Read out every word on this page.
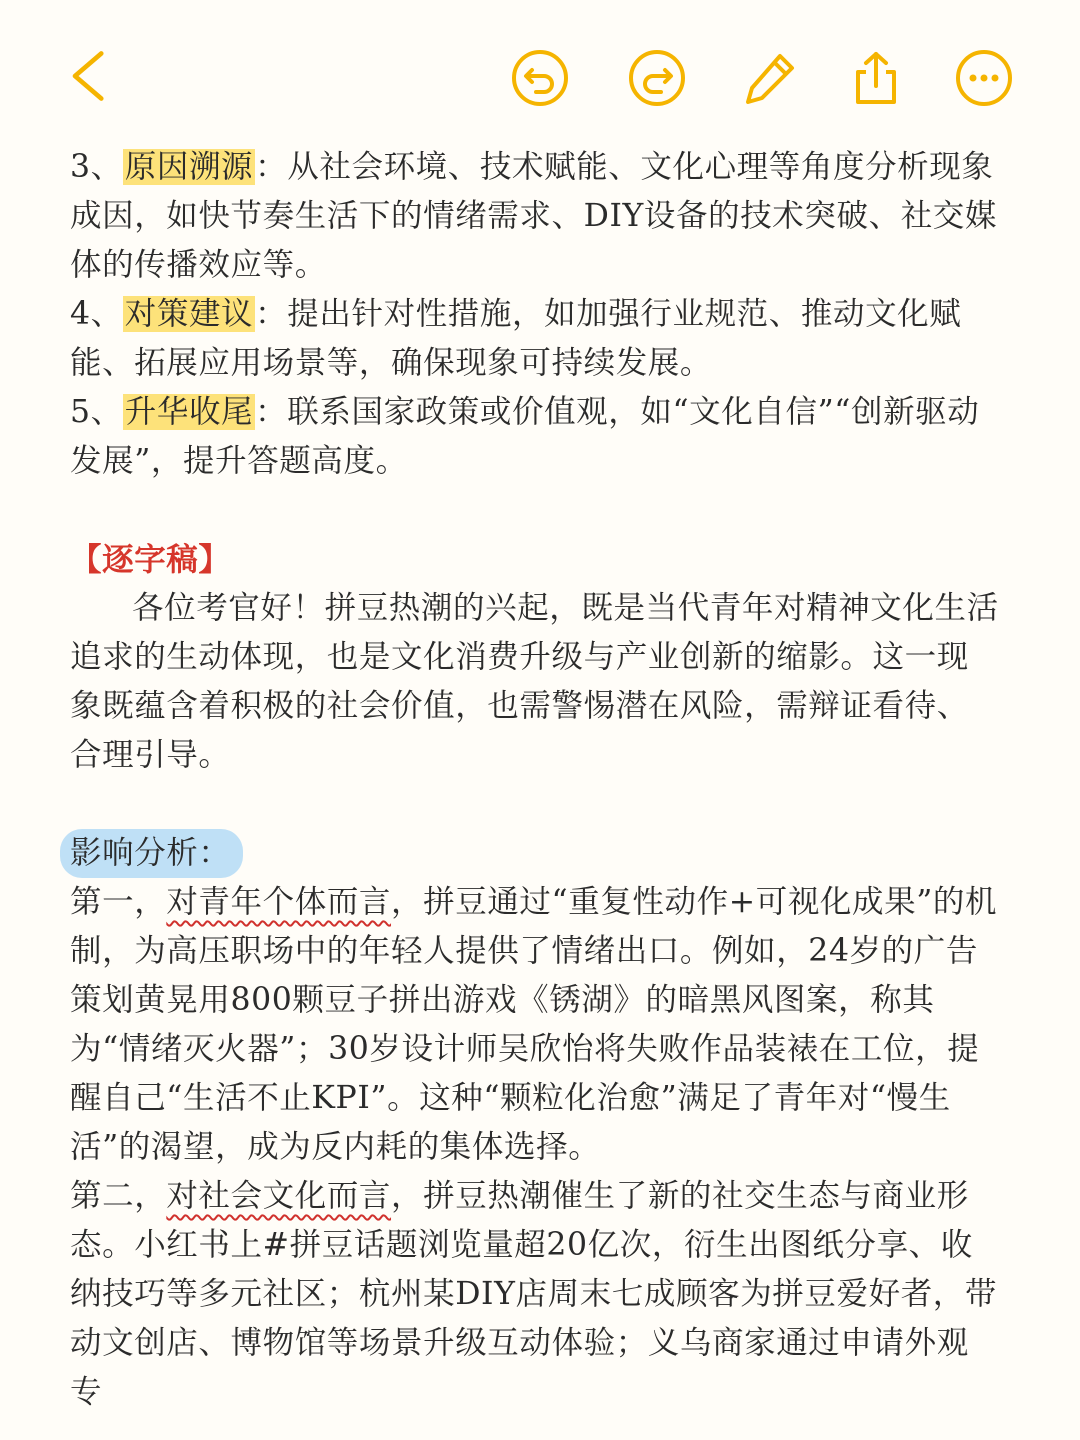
3、原因溯源：从社会环境、技术赋能、文化心理等角度分析现象成因，如快节奏生活下的情绪需求、DIY设备的技术突破、社交媒体的传播效应等。

4、对策建议：提出针对性措施，如加强行业规范、推动文化赋能、拓展应用场景等，确保现象可持续发展。

5、升华收尾：联系国家政策或价值观，如“文化自信”“创新驱动发展”，提升答题高度。

【逐字稿】

各位考官好！拼豆热潮的兴起，既是当代青年对精神文化生活追求的生动体现，也是文化消费升级与产业创新的缩影。这一现象既蕴含着积极的社会价值，也需警惕潜在风险，需辩证看待、合理引导。

影响分析：

第一，对青年个体而言，拼豆通过“重复性动作+可视化成果”的机制，为高压职场中的年轻人提供了情绪出口。例如，24岁的广告策划黄晃用800颗豆子拼出游戏《锈湖》的暗黑风图案，称其为“情绪灭火器”；30岁设计师吴欣怡将失败作品装裱在工位，提醒自己“生活不止KPI”。这种“颗粒化治愈”满足了青年对“慢生活”的渴望，成为反内耗的集体选择。

第二，对社会文化而言，拼豆热潮催生了新的社交生态与商业形态。小红书上#拼豆话题浏览量超20亿次，衍生出图纸分享、收纳技巧等多元社区；杭州某DIY店周末七成顾客为拼豆爱好者，带动文创店、博物馆等场景升级互动体验；义乌商家通过申请外观专
